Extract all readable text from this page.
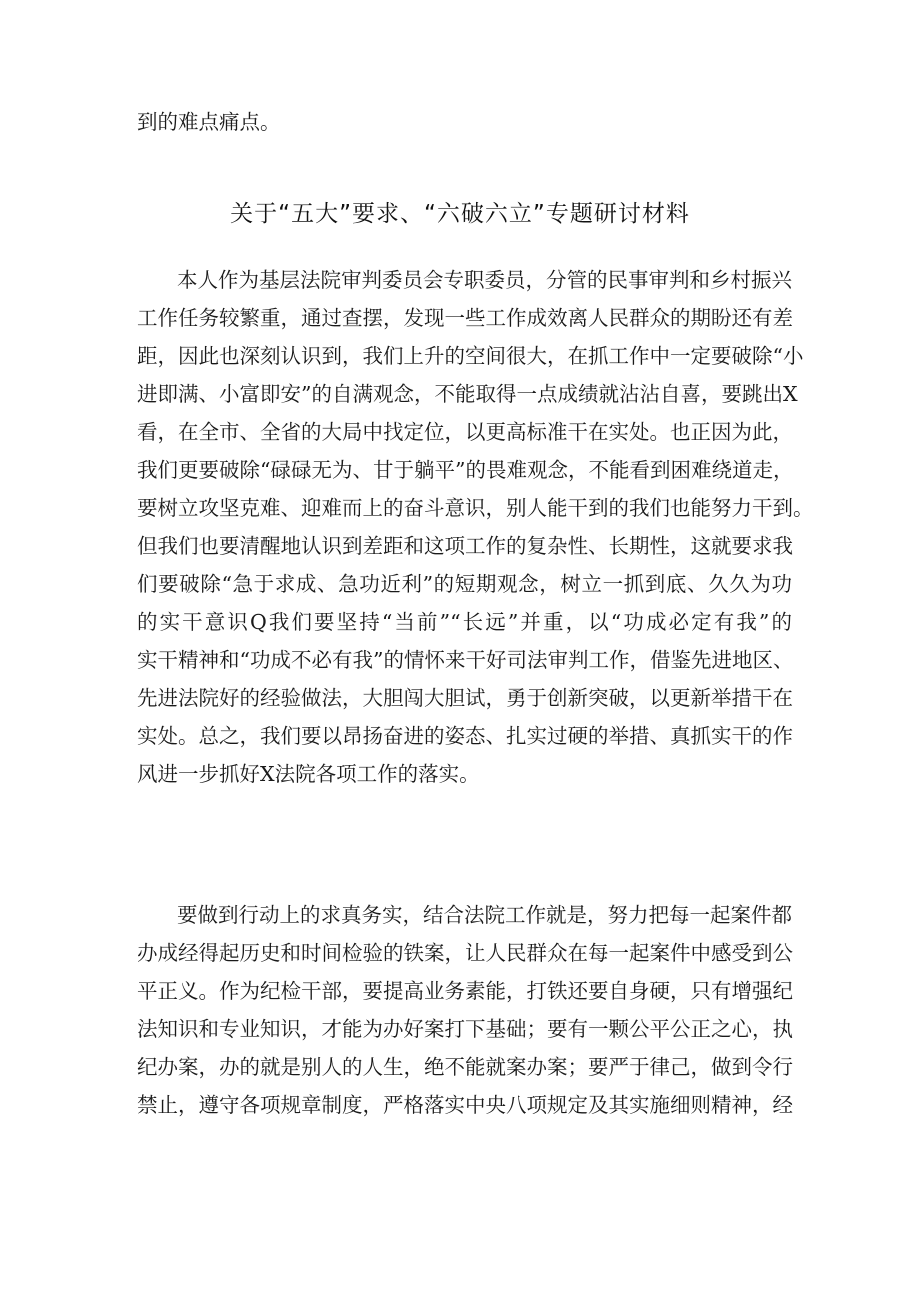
关于“五大”要求、“六破六立”专题研讨材料
到的难点痛点。
本人作为基层法院审判委员会专职委员，分管的民事审判和乡村振兴
工作任务较繁重，通过查摆，发现一些工作成效离人民群众的期盼还有差
距，因此也深刻认识到，我们上升的空间很大，在抓工作中一定要破除“小
进即满、小富即安”的自满观念，不能取得一点成绩就沾沾自喜，要跳出X
看，在全市、全省的大局中找定位，以更高标准干在实处。也正因为此，
我们更要破除“碌碌无为、甘于躺平”的畏难观念，不能看到困难绕道走，
要树立攻坚克难、迎难而上的奋斗意识，别人能干到的我们也能努力干到。
但我们也要清醒地认识到差距和这项工作的复杂性、长期性，这就要求我
们要破除“急于求成、急功近利”的短期观念，树立一抓到底、久久为功
的实干意识Q我们要坚持“当前”“长远”并重，以“功成必定有我”的
实干精神和“功成不必有我”的情怀来干好司法审判工作，借鉴先进地区、
先进法院好的经验做法，大胆闯大胆试，勇于创新突破，以更新举措干在
实处。总之，我们要以昂扬奋进的姿态、扎实过硬的举措、真抓实干的作
风进一步抓好X法院各项工作的落实。
要做到行动上的求真务实，结合法院工作就是，努力把每一起案件都
办成经得起历史和时间检验的铁案，让人民群众在每一起案件中感受到公
平正义。作为纪检干部，要提高业务素能，打铁还要自身硬，只有增强纪
法知识和专业知识，才能为办好案打下基础；要有一颗公平公正之心，执
纪办案，办的就是别人的人生，绝不能就案办案；要严于律己，做到令行
禁止，遵守各项规章制度，严格落实中央八项规定及其实施细则精神，经
